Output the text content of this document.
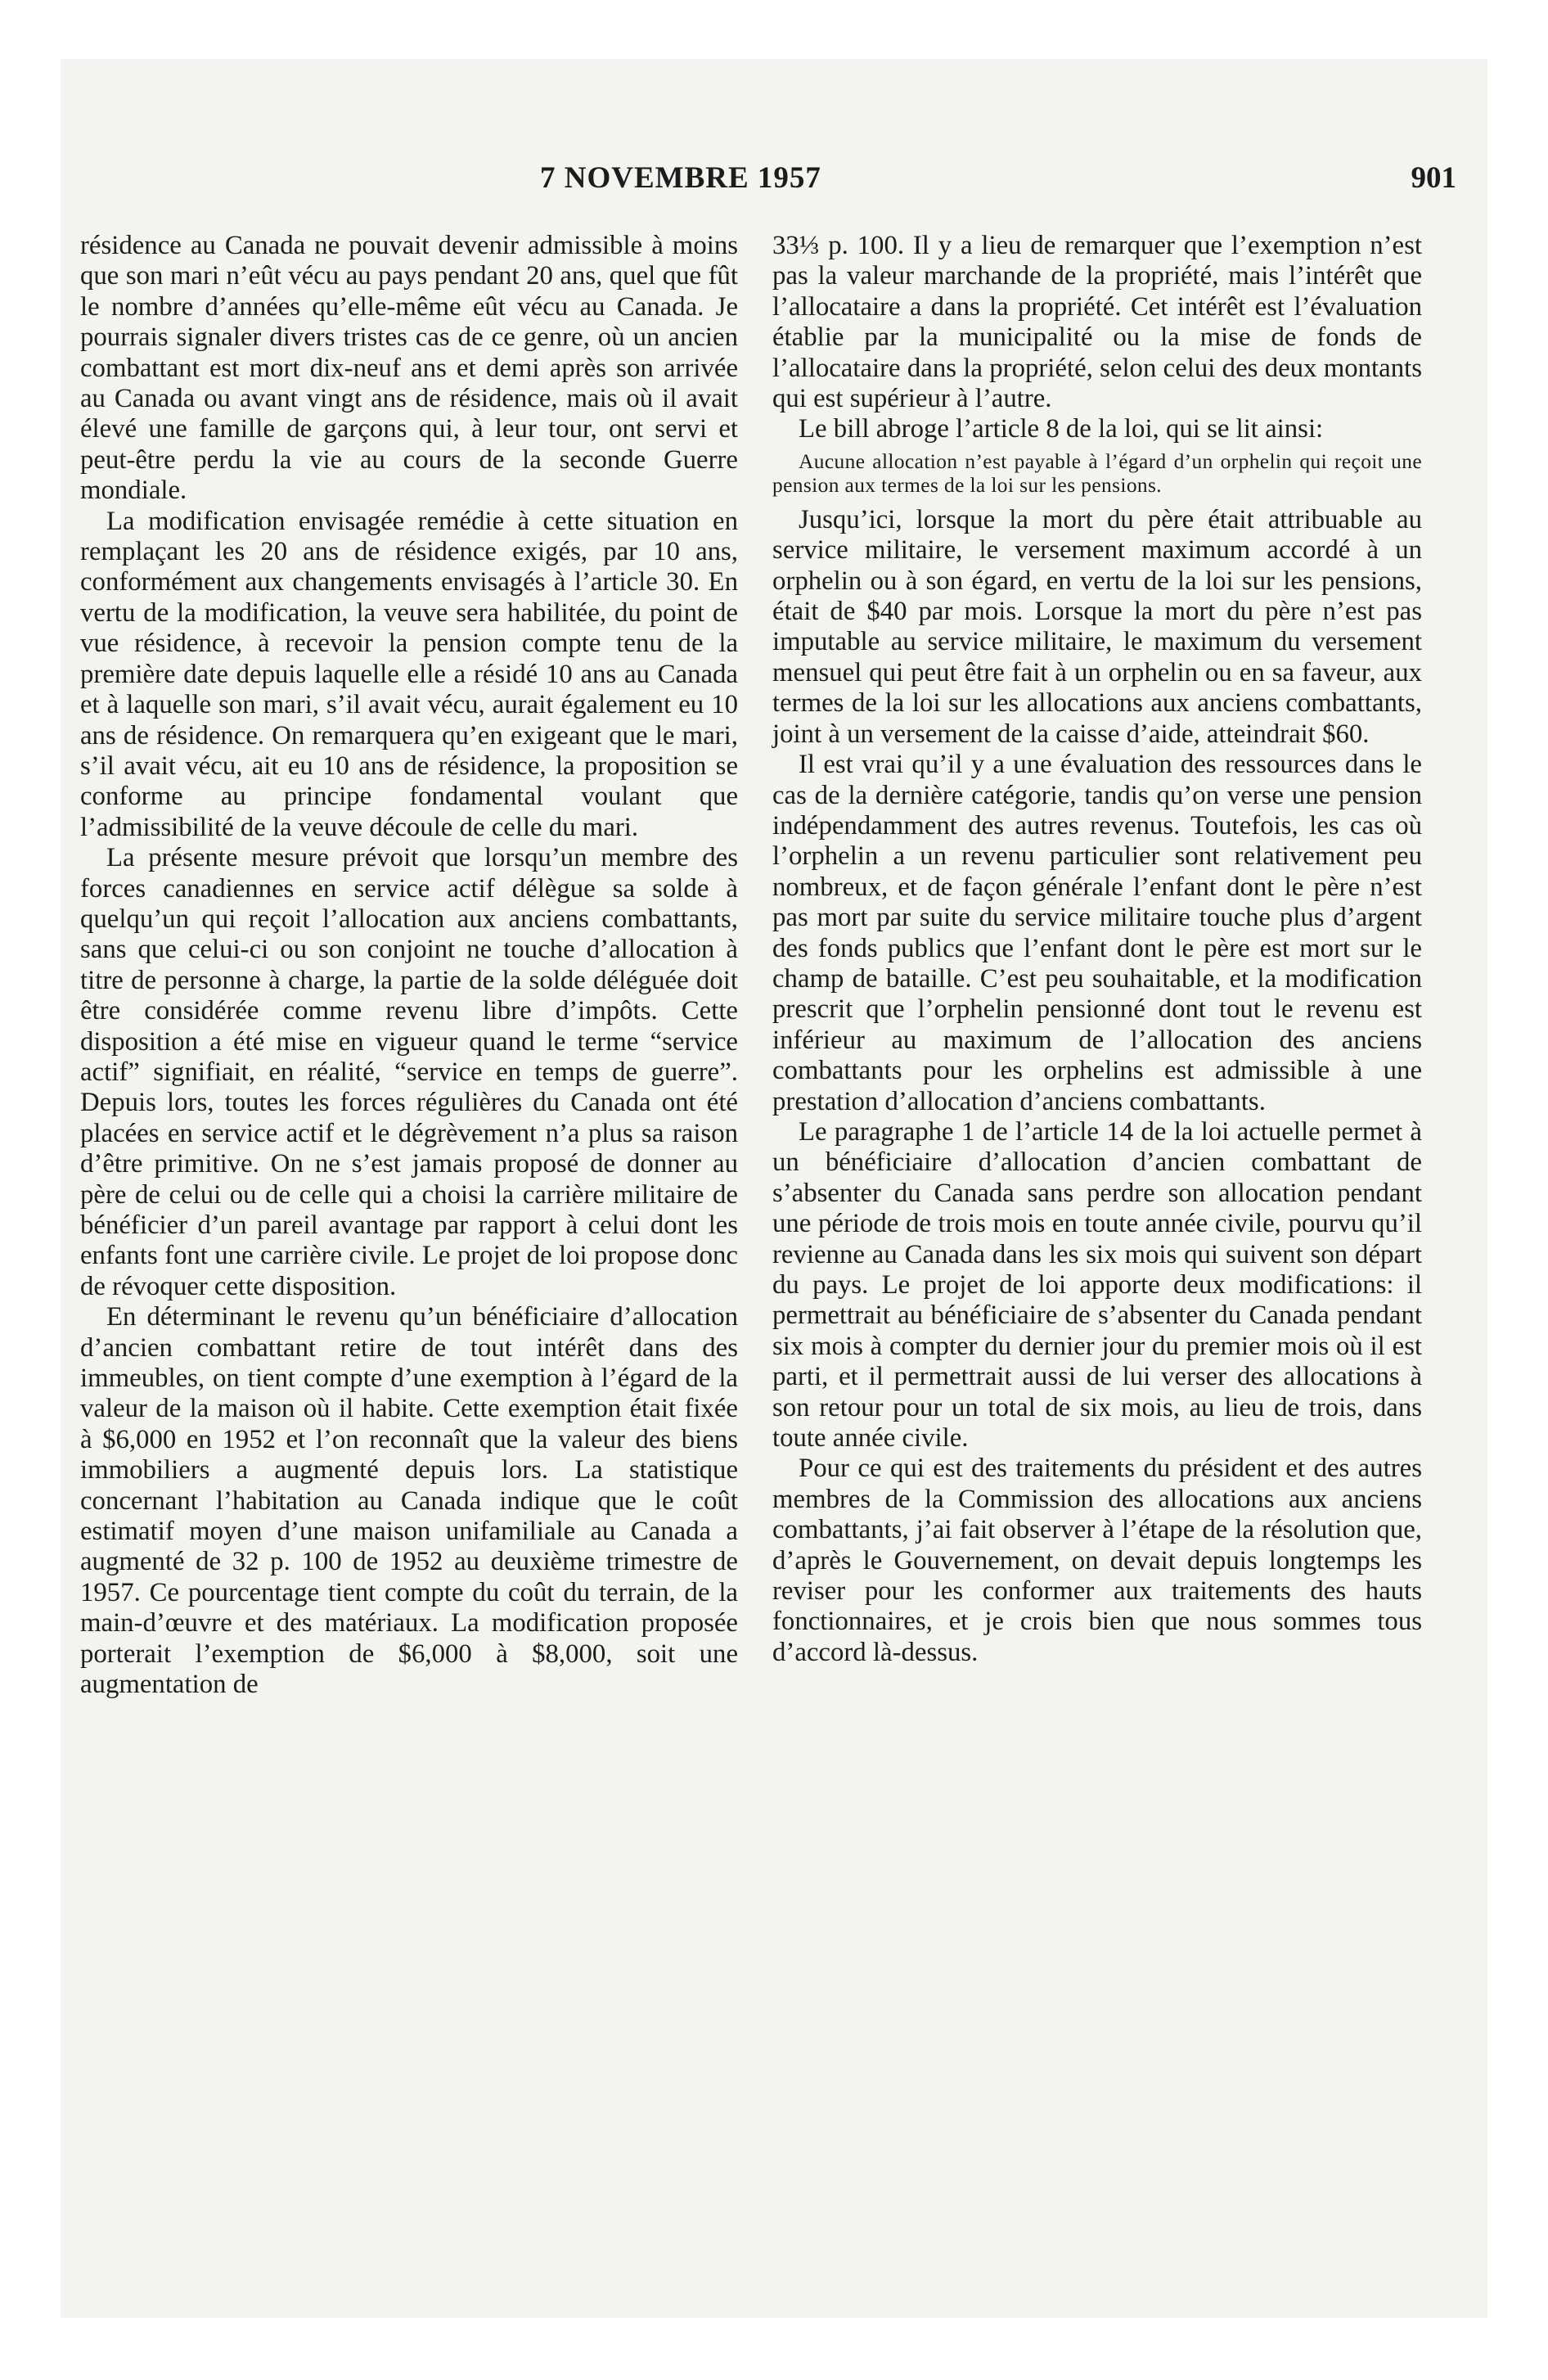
7 NOVEMBRE 1957	901

résidence au Canada ne pouvait devenir admissible à moins que son mari n’eût vécu au pays pendant 20 ans, quel que fût le nombre d’années qu’elle-même eût vécu au Canada. Je pourrais signaler divers tristes cas de ce genre, où un ancien combattant est mort dix-neuf ans et demi après son arrivée au Canada ou avant vingt ans de résidence, mais où il avait élevé une famille de garçons qui, à leur tour, ont servi et peut-être perdu la vie au cours de la seconde Guerre mondiale.

La modification envisagée remédie à cette situation en remplaçant les 20 ans de résidence exigés, par 10 ans, conformément aux changements envisagés à l’article 30. En vertu de la modification, la veuve sera habilitée, du point de vue résidence, à recevoir la pension compte tenu de la première date depuis laquelle elle a résidé 10 ans au Canada et à laquelle son mari, s’il avait vécu, aurait également eu 10 ans de résidence. On remarquera qu’en exigeant que le mari, s’il avait vécu, ait eu 10 ans de résidence, la proposition se conforme au principe fondamental voulant que l’admissibilité de la veuve découle de celle du mari.

La présente mesure prévoit que lorsqu’un membre des forces canadiennes en service actif délègue sa solde à quelqu’un qui reçoit l’allocation aux anciens combattants, sans que celui-ci ou son conjoint ne touche d’allocation à titre de personne à charge, la partie de la solde déléguée doit être considérée comme revenu libre d’impôts. Cette disposition a été mise en vigueur quand le terme “service actif” signifiait, en réalité, “service en temps de guerre”. Depuis lors, toutes les forces régulières du Canada ont été placées en service actif et le dégrèvement n’a plus sa raison d’être primitive. On ne s’est jamais proposé de donner au père de celui ou de celle qui a choisi la carrière militaire de bénéficier d’un pareil avantage par rapport à celui dont les enfants font une carrière civile. Le projet de loi propose donc de révoquer cette disposition.

En déterminant le revenu qu’un bénéficiaire d’allocation d’ancien combattant retire de tout intérêt dans des immeubles, on tient compte d’une exemption à l’égard de la valeur de la maison où il habite. Cette exemption était fixée à $6,000 en 1952 et l’on reconnaît que la valeur des biens immobiliers a augmenté depuis lors. La statistique concernant l’habitation au Canada indique que le coût estimatif moyen d’une maison unifamiliale au Canada a augmenté de 32 p. 100 de 1952 au deuxième trimestre de 1957. Ce pourcentage tient compte du coût du terrain, de la main-d’œuvre et des matériaux. La modification proposée porterait l’exemption de $6,000 à $8,000, soit une augmentation de

33⅓ p. 100. Il y a lieu de remarquer que l’exemption n’est pas la valeur marchande de la propriété, mais l’intérêt que l’allocataire a dans la propriété. Cet intérêt est l’évaluation établie par la municipalité ou la mise de fonds de l’allocataire dans la propriété, selon celui des deux montants qui est supérieur à l’autre.

Le bill abroge l’article 8 de la loi, qui se lit ainsi:

Aucune allocation n’est payable à l’égard d’un orphelin qui reçoit une pension aux termes de la loi sur les pensions.

Jusqu’ici, lorsque la mort du père était attribuable au service militaire, le versement maximum accordé à un orphelin ou à son égard, en vertu de la loi sur les pensions, était de $40 par mois. Lorsque la mort du père n’est pas imputable au service militaire, le maximum du versement mensuel qui peut être fait à un orphelin ou en sa faveur, aux termes de la loi sur les allocations aux anciens combattants, joint à un versement de la caisse d’aide, atteindrait $60.

Il est vrai qu’il y a une évaluation des ressources dans le cas de la dernière catégorie, tandis qu’on verse une pension indépendamment des autres revenus. Toutefois, les cas où l’orphelin a un revenu particulier sont relativement peu nombreux, et de façon générale l’enfant dont le père n’est pas mort par suite du service militaire touche plus d’argent des fonds publics que l’enfant dont le père est mort sur le champ de bataille. C’est peu souhaitable, et la modification prescrit que l’orphelin pensionné dont tout le revenu est inférieur au maximum de l’allocation des anciens combattants pour les orphelins est admissible à une prestation d’allocation d’anciens combattants.

Le paragraphe 1 de l’article 14 de la loi actuelle permet à un bénéficiaire d’allocation d’ancien combattant de s’absenter du Canada sans perdre son allocation pendant une période de trois mois en toute année civile, pourvu qu’il revienne au Canada dans les six mois qui suivent son départ du pays. Le projet de loi apporte deux modifications: il permettrait au bénéficiaire de s’absenter du Canada pendant six mois à compter du dernier jour du premier mois où il est parti, et il permettrait aussi de lui verser des allocations à son retour pour un total de six mois, au lieu de trois, dans toute année civile.

Pour ce qui est des traitements du président et des autres membres de la Commission des allocations aux anciens combattants, j’ai fait observer à l’étape de la résolution que, d’après le Gouvernement, on devait depuis longtemps les reviser pour les conformer aux traitements des hauts fonctionnaires, et je crois bien que nous sommes tous d’accord là-dessus.
